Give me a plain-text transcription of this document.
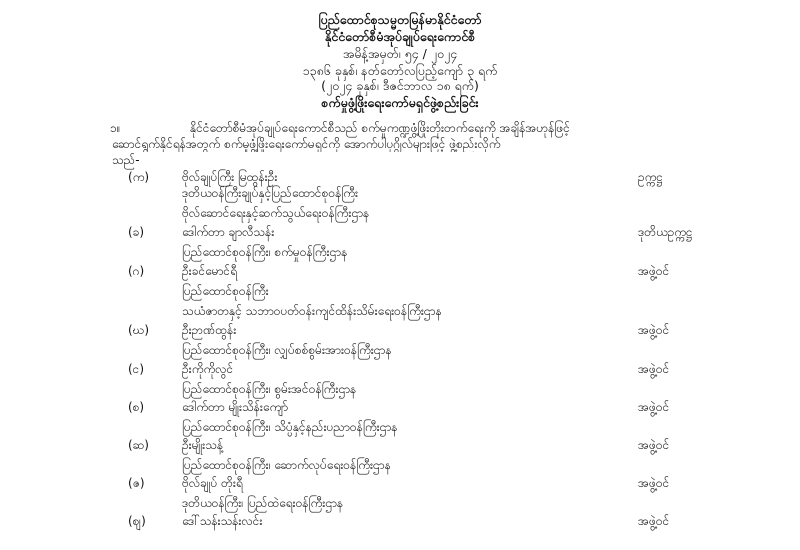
ပြည်ထောင်စုသမ္မတမြန်မာနိုင်ငံတော်
နိုင်ငံတော်စီမံအုပ်ချုပ်ရေးကောင်စီ
အမိန့်အမှတ်၊ ၅၄ / ၂၀၂၄
၁၃၈၆ ခုနှစ်၊ နတ်တော်လပြည့်ကျော် ၃ ရက်
(၂၀၂၄ ခုနှစ်၊ ဒီဇင်ဘာလ ၁၈ ရက်)
စက်မှုဖွံ့ဖြိုးရေးကော်မရှင်ဖွဲ့စည်းခြင်း
၁။	နိုင်ငံတော်စီမံအုပ်ချုပ်ရေးကောင်စီသည် စက်မှုကဏ္ဍဖွံ့ဖြိုးတိုးတက်ရေးကို အချိန်အဟုန်ဖြင့်
ဆောင်ရွက်နိုင်ရန်အတွက် စက်မှုဖွံ့ဖြိုးရေးကော်မရှင်ကို အောက်ပါပုဂ္ဂိုလ်များဖြင့် ဖွဲ့စည်းလိုက်
သည်-
(က)	ဗိုလ်ချုပ်ကြီး မြထွန်းဦး	ဥက္ကဋ္ဌ
ဒုတိယဝန်ကြီးချုပ်နှင့်ပြည်ထောင်စုဝန်ကြီး
ဗိုလ်ဆောင်ရေးနှင့်ဆက်သွယ်ရေးဝန်ကြီးဌာန
(ခ)	ဒေါက်တာ ချာလီသန်း	ဒုတိယဥက္ကဋ္ဌ
ပြည်ထောင်စုဝန်ကြီး၊ စက်မှုဝန်ကြီးဌာန
(ဂ)	ဦးခင်မောင်ရီ	အဖွဲ့ဝင်
ပြည်ထောင်စုဝန်ကြီး
သယံဇာတနှင့် သဘာဝပတ်ဝန်းကျင်ထိန်းသိမ်းရေးဝန်ကြီးဌာန
(ဃ)	ဦးဉာဏ်ထွန်း	အဖွဲ့ဝင်
ပြည်ထောင်စုဝန်ကြီး၊ လျှပ်စစ်စွမ်းအားဝန်ကြီးဌာန
(င)	ဦးကိုကိုလွင်	အဖွဲ့ဝင်
ပြည်ထောင်စုဝန်ကြီး၊ စွမ်းအင်ဝန်ကြီးဌာန
(စ)	ဒေါက်တာ မျိုးသိန်းကျော်	အဖွဲ့ဝင်
ပြည်ထောင်စုဝန်ကြီး၊ သိပ္ပံနှင့်နည်းပညာဝန်ကြီးဌာန
(ဆ)	ဦးမျိုးသန့်	အဖွဲ့ဝင်
ပြည်ထောင်စုဝန်ကြီး၊ ဆောက်လုပ်ရေးဝန်ကြီးဌာန
(ဇ)	ဗိုလ်ချုပ် တိုးရီ	အဖွဲ့ဝင်
ဒုတိယဝန်ကြီး၊ ပြည်ထဲရေးဝန်ကြီးဌာန
(ဈ)	ဒေါ်သန်းသန်းလင်း	အဖွဲ့ဝင်
